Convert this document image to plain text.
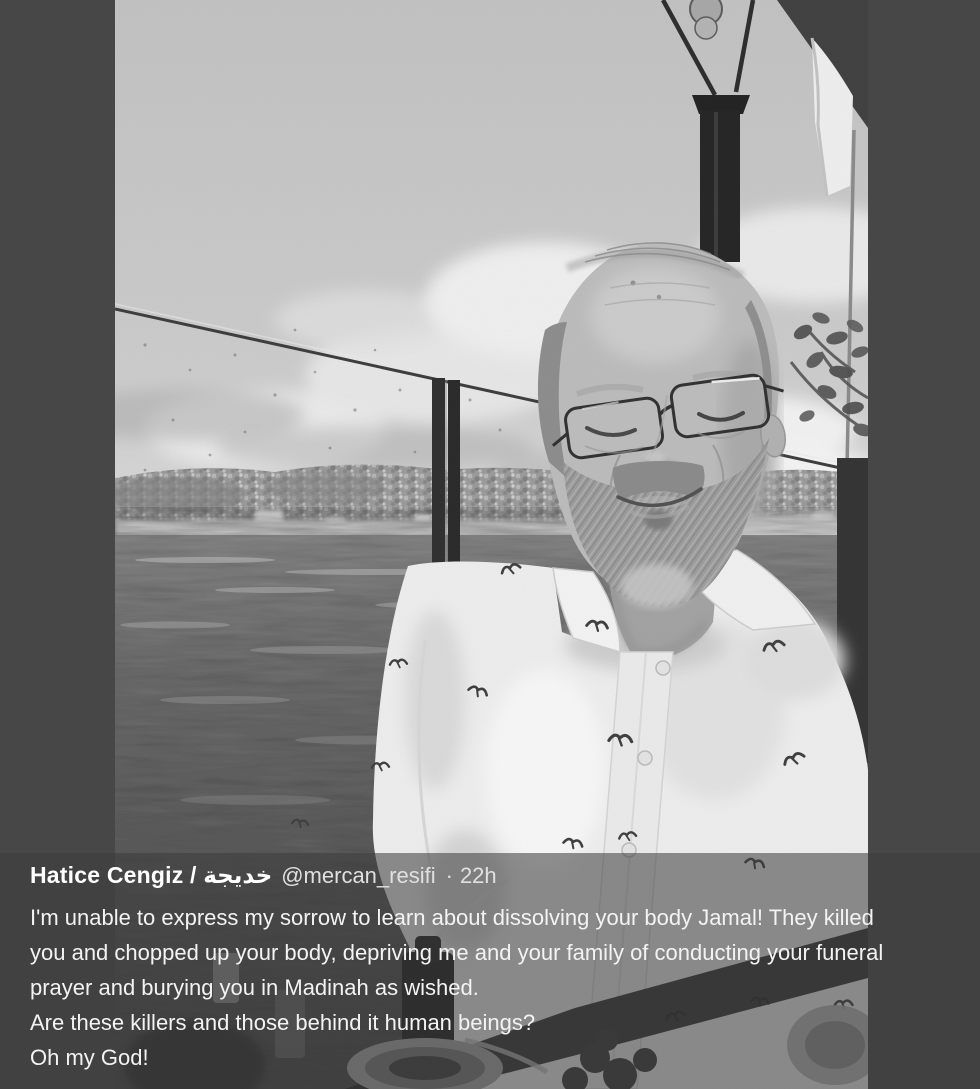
Hatice Cengiz / خديجة @mercan_resifi · 22h
I'm unable to express my sorrow to learn about dissolving your body Jamal! They killed
you and chopped up your body, depriving me and your family of conducting your funeral
prayer and burying you in Madinah as wished.
Are these killers and those behind it human beings?
Oh my God!
